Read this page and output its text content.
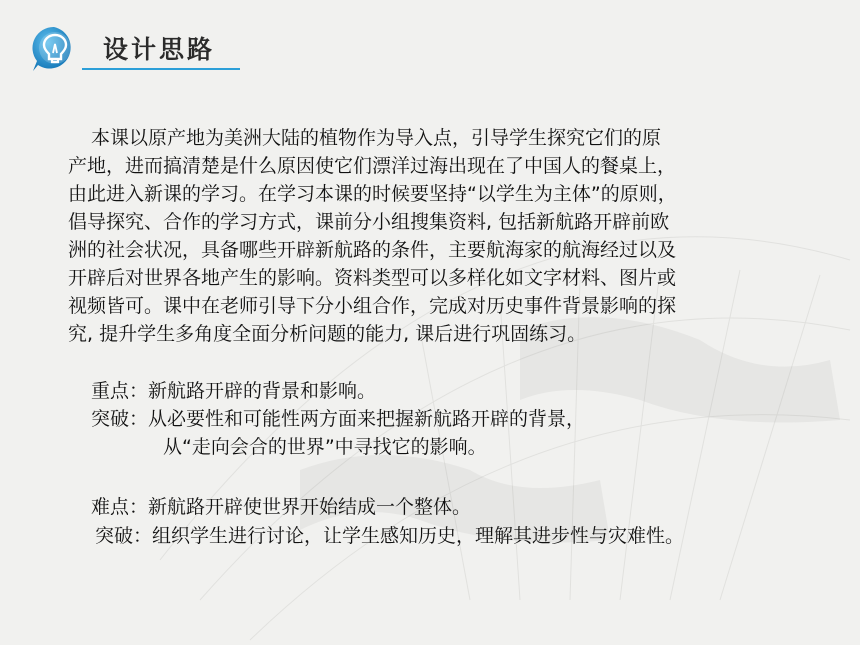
设计思路
本课以原产地为美洲大陆的植物作为导入点，引导学生探究它们的原
产地，进而搞清楚是什么原因使它们漂洋过海出现在了中国人的餐桌上，
由此进入新课的学习。在学习本课的时候要坚持“以学生为主体”的原则，
倡导探究、合作的学习方式，课前分小组搜集资料, 包括新航路开辟前欧
洲的社会状况，具备哪些开辟新航路的条件，主要航海家的航海经过以及
开辟后对世界各地产生的影响。资料类型可以多样化如文字材料、图片或
视频皆可。课中在老师引导下分小组合作，完成对历史事件背景影响的探
究, 提升学生多角度全面分析问题的能力, 课后进行巩固练习。
重点：新航路开辟的背景和影响。
突破：从必要性和可能性两方面来把握新航路开辟的背景，
从“走向会合的世界”中寻找它的影响。
难点：新航路开辟使世界开始结成一个整体。
突破：组织学生进行讨论，让学生感知历史，理解其进步性与灾难性。
